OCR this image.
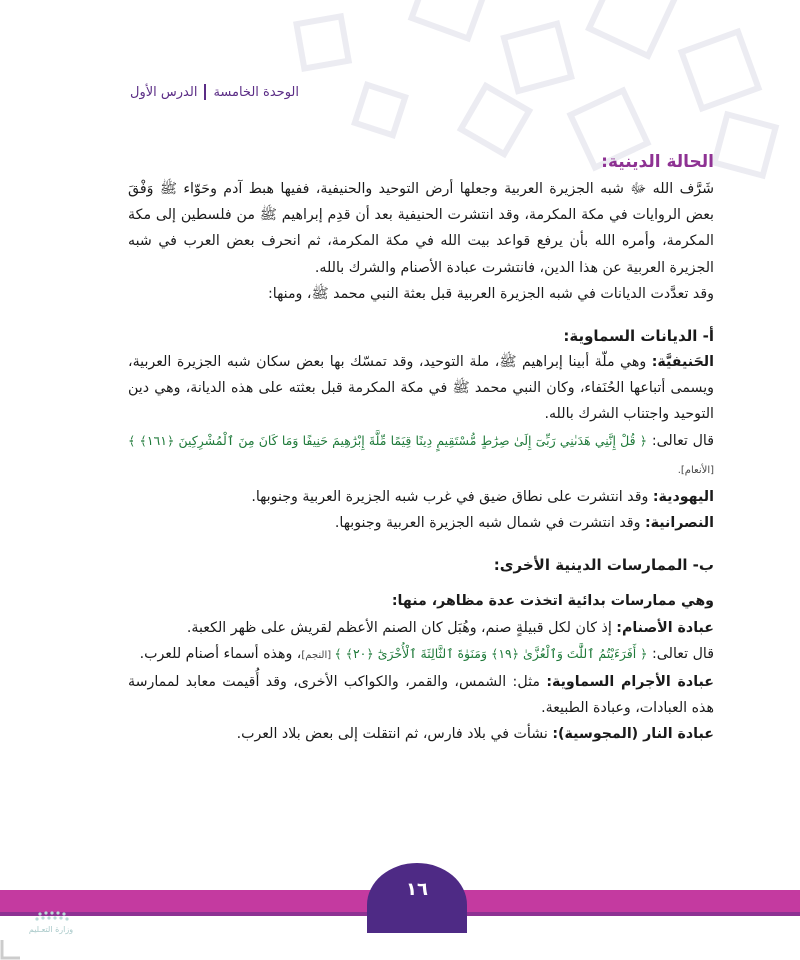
الوحدة الخامسة
الدرس الأول

الحالة الدينية:

شَرَّف الله ﷻ شبه الجزيرة العربية وجعلها أرض التوحيد والحنيفية، ففيها هبط آدم وحَوّاء ﷺ وَفْقَ بعض الروايات في مكة المكرمة، وقد انتشرت الحنيفية بعد أن قدِم إبراهيم ﷺ من فلسطين إلى مكة المكرمة، وأمره الله بأن يرفع قواعد بيت الله في مكة المكرمة، ثم انحرف بعض العرب في شبه الجزيرة العربية عن هذا الدين، فانتشرت عبادة الأصنام والشرك بالله.

وقد تعدَّدت الديانات في شبه الجزيرة العربية قبل بعثة النبي محمد ﷺ، ومنها:

أ- الديانات السماوية:

الحَنيفيَّة: وهي ملّة أبينا إبراهيم ﷺ، ملة التوحيد، وقد تمسّك بها بعض سكان شبه الجزيرة العربية، ويسمى أتباعها الحُنَفاء، وكان النبي محمد ﷺ في مكة المكرمة قبل بعثته على هذه الديانة، وهي دين التوحيد واجتناب الشرك بالله.

قال تعالى: ﴿ قُلْ إِنَّنِي هَدَىٰنِي رَبِّىٓ إِلَىٰ صِرَٰطٍ مُّسْتَقِيمٍ دِينًا قِيَمًا مِّلَّةَ إِبْرَٰهِيمَ حَنِيفًا وَمَا كَانَ مِنَ ٱلْمُشْرِكِينَ ﴿١٦١﴾ ﴾ [الأنعام].

اليهودية: وقد انتشرت على نطاق ضيق في غرب شبه الجزيرة العربية وجنوبها.

النصرانية: وقد انتشرت في شمال شبه الجزيرة العربية وجنوبها.

ب- الممارسات الدينية الأخرى:

وهي ممارسات بدائية اتخذت عدة مظاهر، منها:

عبادة الأصنام: إذ كان لكل قبيلةٍ صنم، وهُبَل كان الصنم الأعظم لقريش على ظهر الكعبة.

قال تعالى: ﴿ أَفَرَءَيْتُمُ ٱللَّٰتَ وَٱلْعُزَّىٰ ﴿١٩﴾ وَمَنَوٰةَ ٱلثَّالِثَةَ ٱلْأُخْرَىٰٓ ﴿٢٠﴾ ﴾ [النجم]، وهذه أسماء أصنام للعرب.

عبادة الأجرام السماوية: مثل: الشمس، والقمر، والكواكب الأخرى، وقد أُقيمت معابد لممارسة هذه العبادات، وعبادة الطبيعة.

عبادة النار (المجوسية): نشأت في بلاد فارس، ثم انتقلت إلى بعض بلاد العرب.

١٦
وزارة التعـليم
